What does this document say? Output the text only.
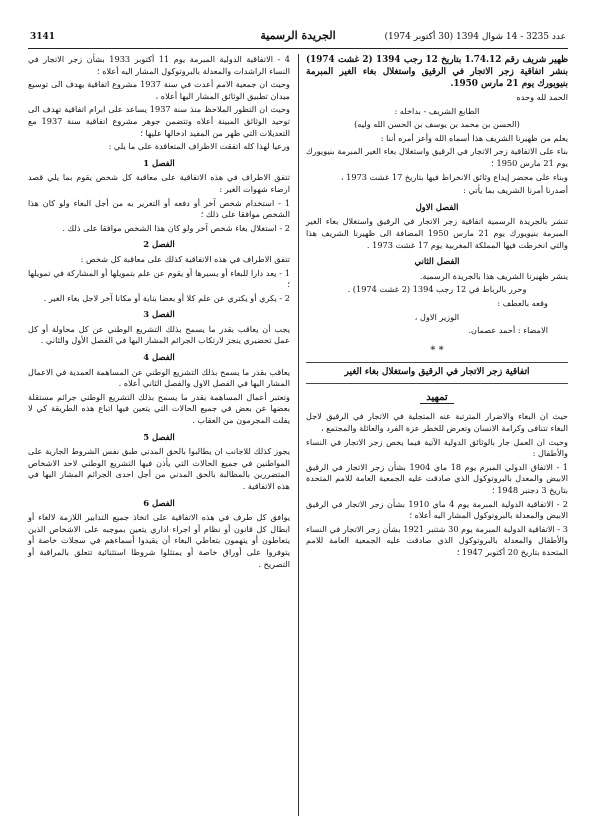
عدد 3235 - 14 شوال 1394 (30 أكتوبر 1974)
الجريدة الرسمية
3141

ظهير شريف رقم 1.74.12 بتاريخ 12 رجب 1394 (2 غشت 1974) بنشر اتفاقية زجر الاتجار في الرقيق واستغلال بغاء الغير المبرمة بنيويورك يوم 21 مارس 1950.

الحمد لله وحده

الطابع الشريف - بداخله :

(الحسن بن محمد بن يوسف بن الحسن الله وليه)

يعلم من ظهيرنا الشريف هذا أسماه الله وأعز أمره أننا :

بناء على الاتفاقية زجر الاتجار في الرقيق واستغلال بغاء الغير المبرمة بنيويورك يوم 21 مارس 1950 ؛

وبناء على محضر إيداع وثائق الانخراط فيها بتاريخ 17 غشت 1973 ،

أصدرنا أمرنا الشريف بما يأتي :

الفصل الاول

تنشر بالجريدة الرسمية اتفاقية زجر الاتجار في الرقيق واستغلال بغاء الغير المبرمة بنيويورك يوم 21 مارس 1950 المضافة الى ظهيرنا الشريف هذا والتي انخرطت فيها المملكة المغربية يوم 17 غشت 1973 .

الفصل الثاني

ينشر ظهيرنا الشريف هذا بالجريدة الرسمية.

وحرر بالرباط في 12 رجب 1394 (2 غشت 1974) .

وقعه بالعطف :

الوزير الاول ،

الامضاء : أحمد عصمان.

* *
اتفاقية زجر الاتجار في الرقيق واستغلال بغاء الغير
تمهيد

حيث ان البغاء والاضرار المترتبة عنه المتجلية في الاتجار في الرقيق لاجل البغاء تتنافى وكرامة الانسان وتعرض للخطر عزة الفرد والعائلة والمجتمع ،

وحيث ان العمل جار بالوثائق الدولية الآتية فيما يخص زجر الاتجار في النساء والأطفال :

1 - الاتفاق الدولي المبرم يوم 18 ماي 1904 بشأن زجر الاتجار في الرقيق الابيض والمعدل بالبروتوكول الذي صادقت عليه الجمعية العامة للامم المتحدة بتاريخ 3 دجنبر 1948 ؛

2 - الاتفاقية الدولية المبرمة يوم 4 ماي 1910 بشأن زجر الاتجار في الرقيق الابيض والمعدلة بالبروتوكول المشار اليه أعلاه ؛

3 - الاتفاقية الدولية المبرمة يوم 30 شتنبر 1921 بشأن زجر الاتجار في النساء والأطفال والمعدلة بالبروتوكول الذي صادقت عليه الجمعية العامة للامم المتحدة بتاريخ 20 أكتوبر 1947 ؛

4 - الاتفاقية الدولية المبرمة يوم 11 أكتوبر 1933 بشأن زجر الاتجار في النساء الراشدات والمعدلة بالبروتوكول المشار اليه أعلاه ؛

وحيث ان جمعية الامم أعدت في سنة 1937 مشروع اتفاقية يهدف الى توسيع ميدان تطبيق الوثائق المشار اليها أعلاه ،

وحيث ان التطور الملاحظ منذ سنة 1937 يساعد على ابرام اتفاقية تهدف الى توحيد الوثائق المبينة أعلاه وتتضمن جوهر مشروع اتفاقية سنة 1937 مع التعديلات التي ظهر من المفيد ادخالها عليها ؛

ورعيا لهذا كله اتفقت الاطراف المتعاقدة على ما يلي :

الفصل 1

تتفق الاطراف في هذه الاتفاقية على معاقبة كل شخص يقوم بما يلي قصد ارضاء شهوات الغير :

1 - استخدام شخص آخر أو دفعه أو التغرير به من أجل البغاء ولو كان هذا الشخص موافقا على ذلك ؛

2 - استغلال بغاء شخص آخر ولو كان هذا الشخص موافقا على ذلك .

الفصل 2

تتفق الاطراف في هذه الاتفاقية كذلك على معاقبة كل شخص :

1 - يعد دارا للبغاء أو يسيرها أو يقوم عن علم بتمويلها أو المشاركة في تمويلها ؛

2 - يكري أو يكتري عن علم كلا أو بعضا بناية أو مكانا آخر لاجل بغاء الغير .

الفصل 3

يجب أن يعاقب بقدر ما يسمح بذلك التشريع الوطني عن كل محاولة أو كل عمل تحضيري ينجز لارتكاب الجرائم المشار اليها في الفصل الأول والثاني .

الفصل 4

يعاقب بقدر ما يسمح بذلك التشريع الوطني عن المساهمة العمدية في الاعمال المشار اليها في الفصل الاول والفصل الثاني أعلاه .

وتعتبر أعمال المساهمة بقدر ما يسمح بذلك التشريع الوطني جرائم مستقلة بعضها عن بعض في جميع الحالات التي يتعين فيها اتباع هذه الطريقة كي لا يفلت المجرمون من العقاب .

الفصل 5

يجوز كذلك للاجانب ان يطالبوا بالحق المدني طبق نفس الشروط الجارية على المواطنين في جميع الحالات التي يأذن فيها التشريع الوطني لاحد الاشخاص المتضررين بالمطالبة بالحق المدني من أجل احدى الجرائم المشار اليها في هذه الاتفاقية .

الفصل 6

يوافق كل طرف في هذه الاتفاقية على اتخاذ جميع التدابير اللازمة لالغاء أو ابطال كل قانون أو نظام أو اجراء اداري يتعين بموجبه على الاشخاص الذين يتعاطون أو يتهمون بتعاطي البغاء أن يقيدوا أسماءهم في سجلات خاصة أو يتوفروا على أوراق خاصة أو يمتثلوا شروطا استثنائية تتعلق بالمراقبة أو التصريح .
